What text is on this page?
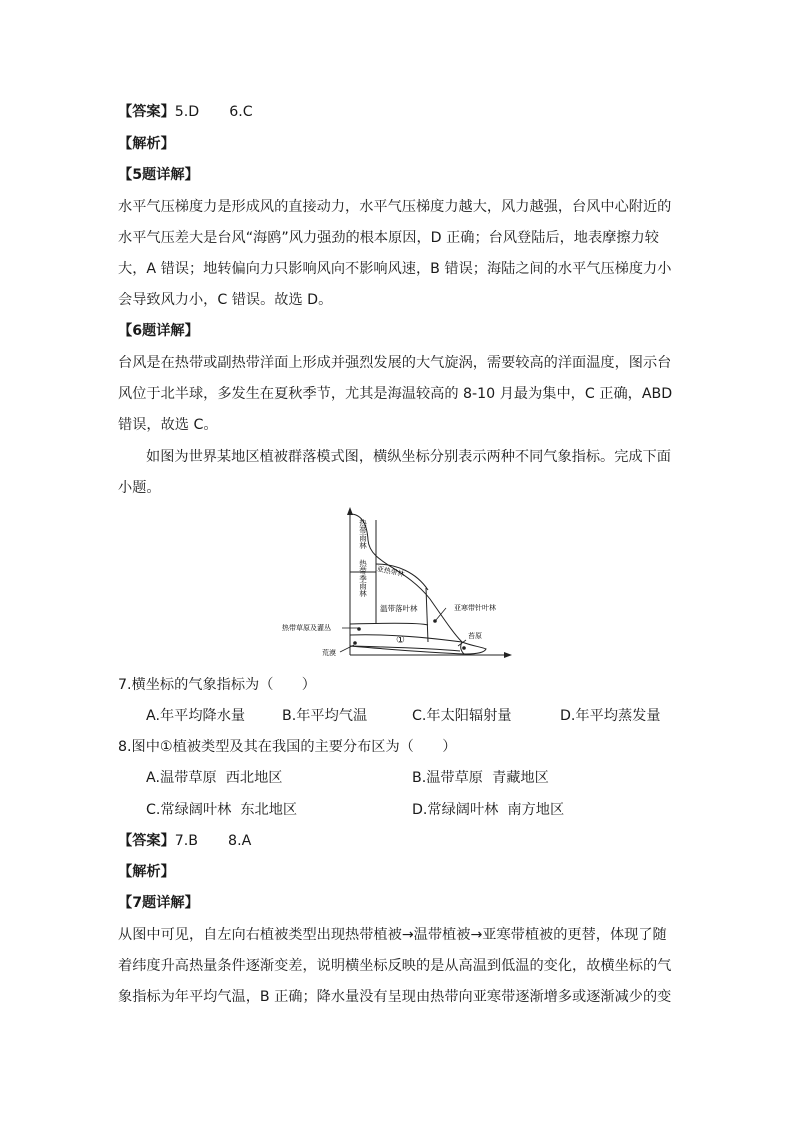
【答案】5.D 6.C
【解析】
【5题详解】
水平气压梯度力是形成风的直接动力，水平气压梯度力越大，风力越强，台风中心附近的
水平气压差大是台风“海鸥”风力强劲的根本原因，D 正确；台风登陆后，地表摩擦力较
大，A 错误；地转偏向力只影响风向不影响风速，B 错误；海陆之间的水平气压梯度力小
会导致风力小，C 错误。故选 D。
【6题详解】
台风是在热带或副热带洋面上形成并强烈发展的大气旋涡，需要较高的洋面温度，图示台
风位于北半球，多发生在夏秋季节，尤其是海温较高的 8-10 月最为集中，C 正确，ABD
错误，故选 C。
如图为世界某地区植被群落模式图，横纵坐标分别表示两种不同气象指标。完成下面
小题。
热带雨林
热带季雨林 亚热带林
温带落叶林	亚寒带针叶林
热带草原及灌丛
①	苔原
荒漠
7.横坐标的气象指标为（　　）
A.年平均降水量	B.年平均气温	C.年太阳辐射量	D.年平均蒸发量
8.图中①植被类型及其在我国的主要分布区为（　　）
A.温带草原  西北地区	B.温带草原  青藏地区
C.常绿阔叶林  东北地区	D.常绿阔叶林  南方地区
【答案】7.B 8.A
【解析】
【7题详解】
从图中可见，自左向右植被类型出现热带植被→温带植被→亚寒带植被的更替，体现了随
着纬度升高热量条件逐渐变差，说明横坐标反映的是从高温到低温的变化，故横坐标的气
象指标为年平均气温，B 正确；降水量没有呈现由热带向亚寒带逐渐增多或逐渐减少的变
